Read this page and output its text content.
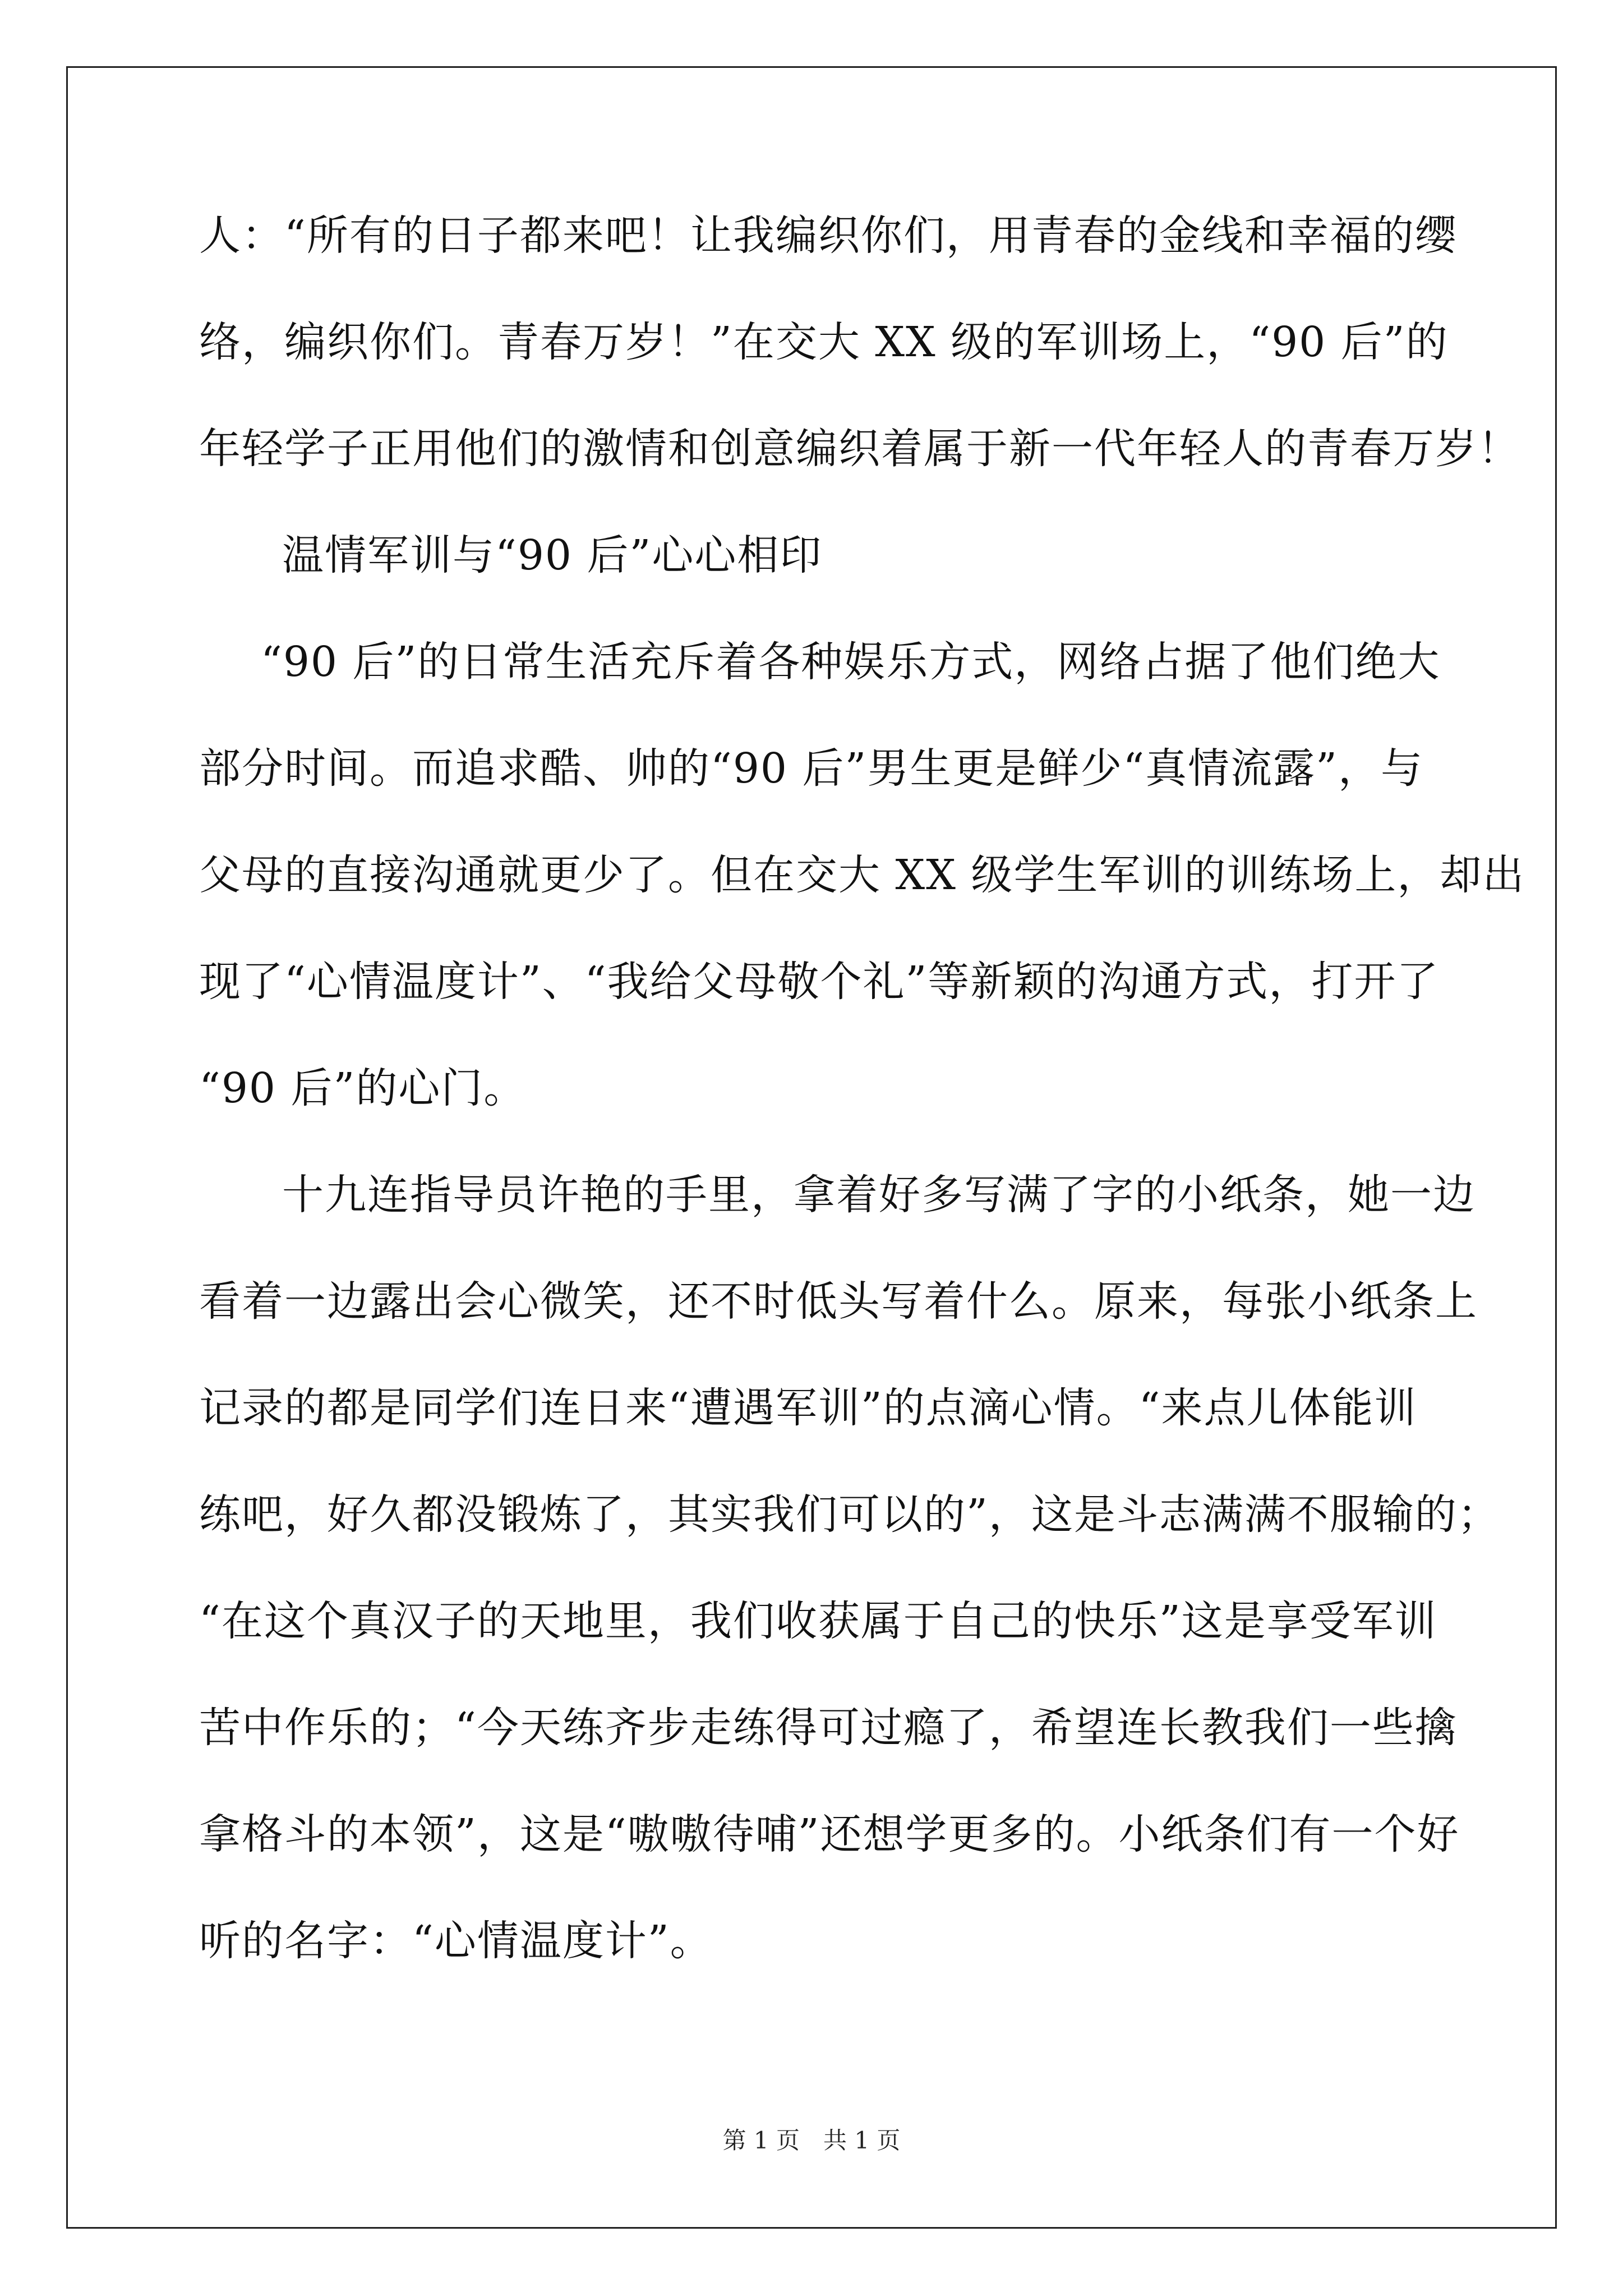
人：“所有的日子都来吧！让我编织你们，用青春的金线和幸福的缨
络，编织你们。青春万岁！”在交大 XX 级的军训场上，“90 后”的
年轻学子正用他们的激情和创意编织着属于新一代年轻人的青春万岁！
温情军训与“90 后”心心相印
“90 后”的日常生活充斥着各种娱乐方式，网络占据了他们绝大
部分时间。而追求酷、帅的“90 后”男生更是鲜少“真情流露”，与
父母的直接沟通就更少了。但在交大 XX 级学生军训的训练场上，却出
现了“心情温度计”、“我给父母敬个礼”等新颖的沟通方式，打开了
“90 后”的心门。
十九连指导员许艳的手里，拿着好多写满了字的小纸条，她一边
看着一边露出会心微笑，还不时低头写着什么。原来，每张小纸条上
记录的都是同学们连日来“遭遇军训”的点滴心情。“来点儿体能训
练吧，好久都没锻炼了，其实我们可以的”，这是斗志满满不服输的；
“在这个真汉子的天地里，我们收获属于自己的快乐”这是享受军训
苦中作乐的；“今天练齐步走练得可过瘾了，希望连长教我们一些擒
拿格斗的本领”，这是“嗷嗷待哺”还想学更多的。小纸条们有一个好
听的名字：“心情温度计”。
第 1 页　共 1 页
